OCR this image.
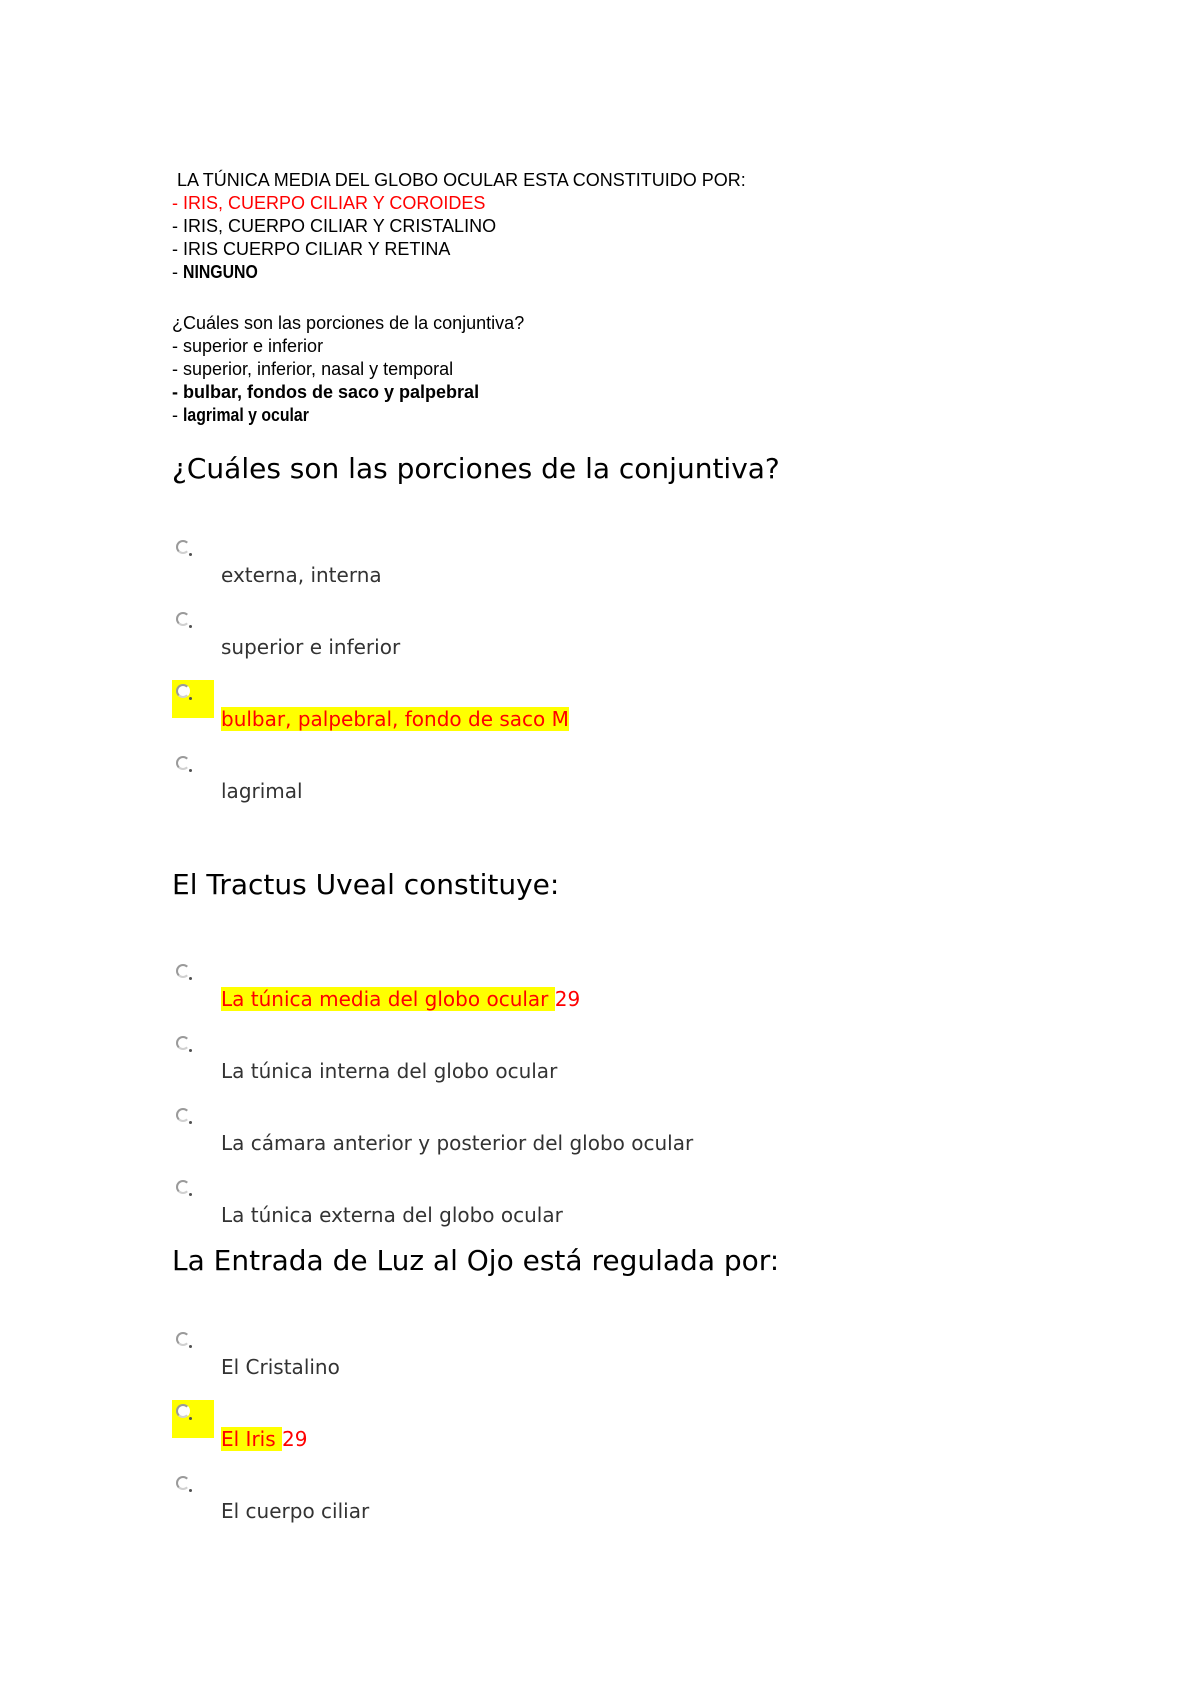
LA TÚNICA MEDIA DEL GLOBO OCULAR ESTA CONSTITUIDO POR:
- IRIS, CUERPO CILIAR Y COROIDES
- IRIS, CUERPO CILIAR Y CRISTALINO
- IRIS CUERPO CILIAR Y RETINA
- NINGUNO
¿Cuáles son las porciones de la conjuntiva?
- superior e inferior
- superior, inferior, nasal y temporal
- bulbar, fondos de saco y palpebral
- lagrimal y ocular
¿Cuáles son las porciones de la conjuntiva?
externa, interna
superior e inferior
bulbar, palpebral, fondo de saco M
lagrimal
El Tractus Uveal constituye:
La túnica media del globo ocular 29
La túnica interna del globo ocular
La cámara anterior y posterior del globo ocular
La túnica externa del globo ocular
La Entrada de Luz al Ojo está regulada por:
El Cristalino
El Iris 29
El cuerpo ciliar
